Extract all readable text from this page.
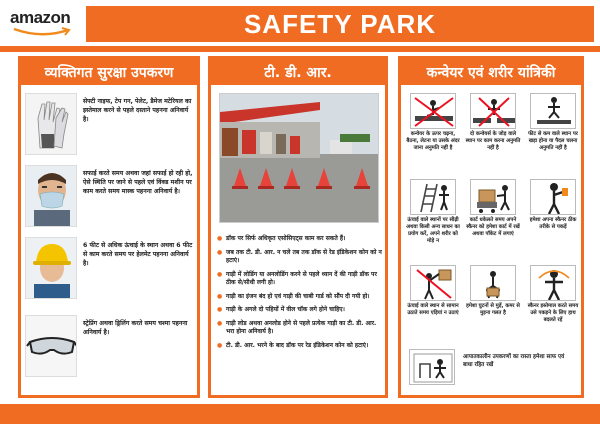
amazon	SAFETY PARK
व्यक्तिगत सुरक्षा उपकरण
सेफ्टी नाइफ, टेप गन, पेलेट, डैमेज मटेरियल का इस्तेमाल करने से पहले दस्ताने पहनना अनिवार्य है।
सफाई करते समय अथवा जहां सफाई हो रही हो, ऐसे स्थिति पर जाने से पहले एवं विंक्ड मशीन पर काम करते समय मास्क पहनना अनिवार्य है।
6 फीट से अधिक ऊंचाई के स्थान अथवा 6 फीट से काम करते समय पर हेलमेट पहनना अनिवार्य है।
स्ट्रेप्रिंग अथवा ड्रिलिंग करते समय चश्मा पहनना अनिवार्य है।
टी. डी. आर.
● डॉक पर सिर्फ अधिकृत एसोसिएट्स काम कर सकते हैं।
● जब तक टी. डी. आर. न चले तब तक डॉक से रेड इंडिकेशन कोन को न हटाएं।
● गाड़ी में लोडिंग या अनलोडिंग करने से पहले ध्यान दें की गाड़ी डॉक पर ठीक से/सीधी लगी हो।
● गाड़ी का इंजन बंद हो एवं गाड़ी की चाबी गार्ड को सौंप दी गयी हो।
● गाड़ी के अगले दो पहियों में वील चॉक लगे होने चाहिए।
● गाड़ी लोड अथवा अनलोड होने से पहले प्रत्येक गाड़ी का टी. डी. आर. भरा होना अनिवार्य है।
● टी. डी. आर. भरने के बाद डॉक पर रेड इंडिकेशन कोन को हटाएं।
कन्वेयर एवं शरीर यांत्रिकी
कन्वेयर के ऊपर चढ़ना, बैठना, लेटना या उसके अंदर जाना अनुमति नहीं है
दो कन्वेयर्स के जोड़ वाले स्थान पर काम करना अनुमति नहीं है
फीट से कम वाले स्थान पर खड़ा होना या पैदल चलना अनुमति नहीं है
ऊंचाई वाले स्थानों पर सीढ़ी अथवा किसी अन्य साधन का प्रयोग करें, अपने शरीर को मोड़े न
कार्ट धकेलते समय अपने स्कैनर को हमेशा कार्ट में रखें अथवा पॉकेट में लगाएं
हमेशा अपना स्कैनर ठीक तरीके से पकड़ें
ऊंचाई वाले स्थान से सामान उठाते समय एड़ियां न उठाएं
हमेशा घुटनों से मुड़ें, कमर से मुड़ना गलत है
स्कैनर इस्तेमाल करते समय उसे पकड़ने के लिए हाथ बदलते रहें
आपातकालीन उपकरणों का रास्ता हमेशा साफ एवं बाधा रहित रखें
